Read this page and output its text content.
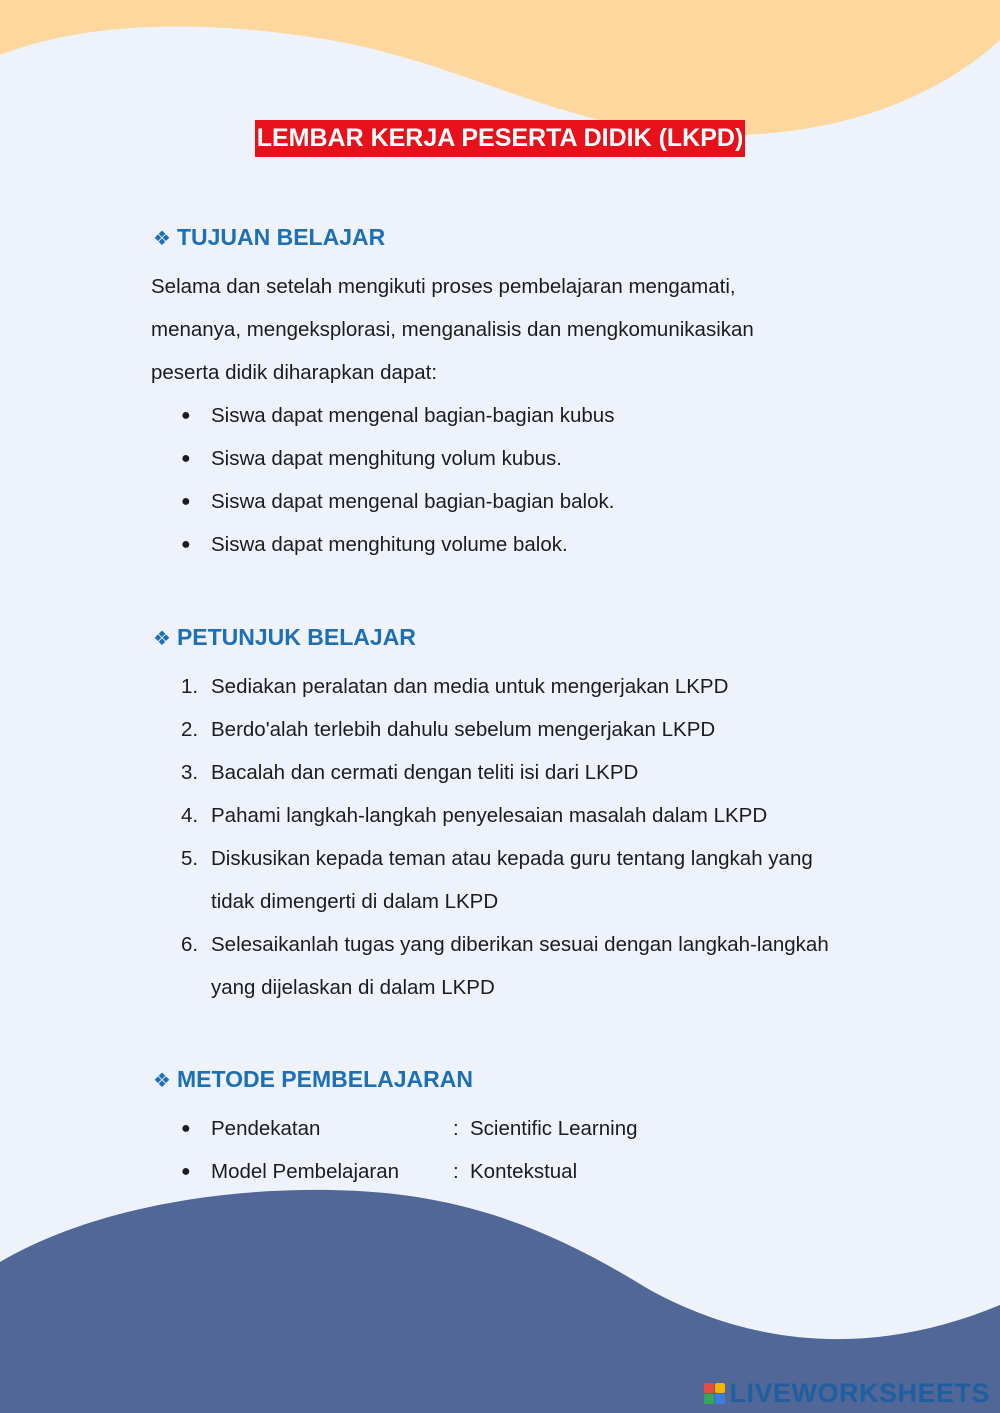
LEMBAR KERJA PESERTA DIDIK (LKPD)
❖ TUJUAN BELAJAR
Selama dan setelah mengikuti proses pembelajaran mengamati,
menanya, mengeksplorasi, menganalisis dan mengkomunikasikan
peserta didik diharapkan dapat:
● Siswa dapat mengenal bagian-bagian kubus
● Siswa dapat menghitung volum kubus.
● Siswa dapat mengenal bagian-bagian balok.
● Siswa dapat menghitung volume balok.
❖ PETUNJUK BELAJAR
1. Sediakan peralatan dan media untuk mengerjakan LKPD
2. Berdo'alah terlebih dahulu sebelum mengerjakan LKPD
3. Bacalah dan cermati dengan teliti isi dari LKPD
4. Pahami langkah-langkah penyelesaian masalah dalam LKPD
5. Diskusikan kepada teman atau kepada guru tentang langkah yang
tidak dimengerti di dalam LKPD
6. Selesaikanlah tugas yang diberikan sesuai dengan langkah-langkah
yang dijelaskan di dalam LKPD
❖ METODE PEMBELAJARAN
● Pendekatan	: Scientific Learning
● Model Pembelajaran	: Kontekstual
LIVEWORKSHEETS
